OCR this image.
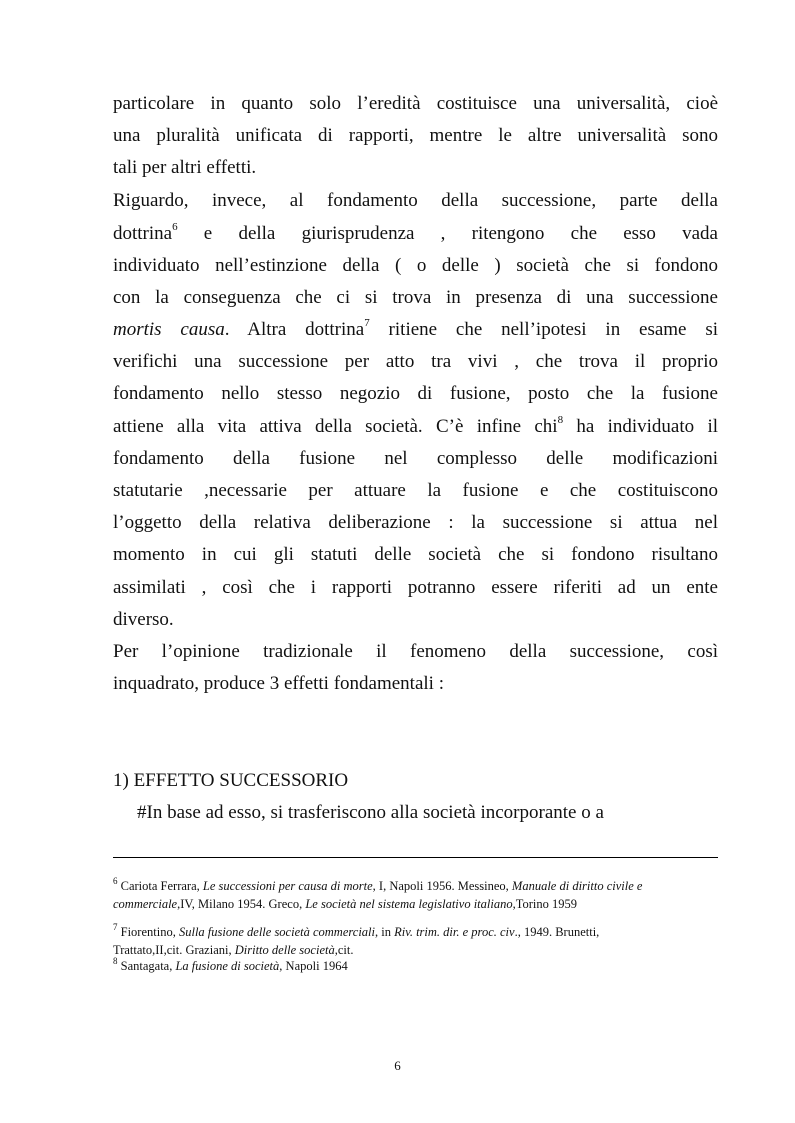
particolare in quanto solo l’eredità costituisce una universalità, cioè
una pluralità unificata di rapporti, mentre le altre universalità sono
tali per altri effetti.
Riguardo, invece, al fondamento della successione, parte della
dottrina$^6$ e della giurisprudenza , ritengono che esso vada
individuato nell’estinzione della ( o delle ) società che si fondono
con la conseguenza che ci si trova in presenza di una successione
mortis causa. Altra dottrina$^7$ ritiene che nell’ipotesi in esame si
verifichi una successione per atto tra vivi , che trova il proprio
fondamento nello stesso negozio di fusione, posto che la fusione
attiene alla vita attiva della società. C’è infine chi$^8$ ha individuato il
fondamento della fusione nel complesso delle modificazioni
statutarie ,necessarie per attuare la fusione e che costituiscono
l’oggetto della relativa deliberazione : la successione si attua nel
momento in cui gli statuti delle società che si fondono risultano
assimilati , così che i rapporti potranno essere riferiti ad un ente
diverso.
Per l’opinione tradizionale il fenomeno della successione, così
inquadrato, produce 3 effetti fondamentali :
1) EFFETTO SUCCESSORIO
#In base ad esso, si trasferiscono alla società incorporante o a
$^6$ Cariota Ferrara, Le successioni per causa di morte, I, Napoli 1956. Messineo, Manuale di diritto civile e
commerciale,IV, Milano 1954. Greco, Le società nel sistema legislativo italiano,Torino 1959
$^7$ Fiorentino, Sulla fusione delle società commerciali, in Riv. trim. dir. e proc. civ., 1949. Brunetti,
Trattato,II,cit. Graziani, Diritto delle società,cit.
$^8$ Santagata, La fusione di società, Napoli 1964
6
